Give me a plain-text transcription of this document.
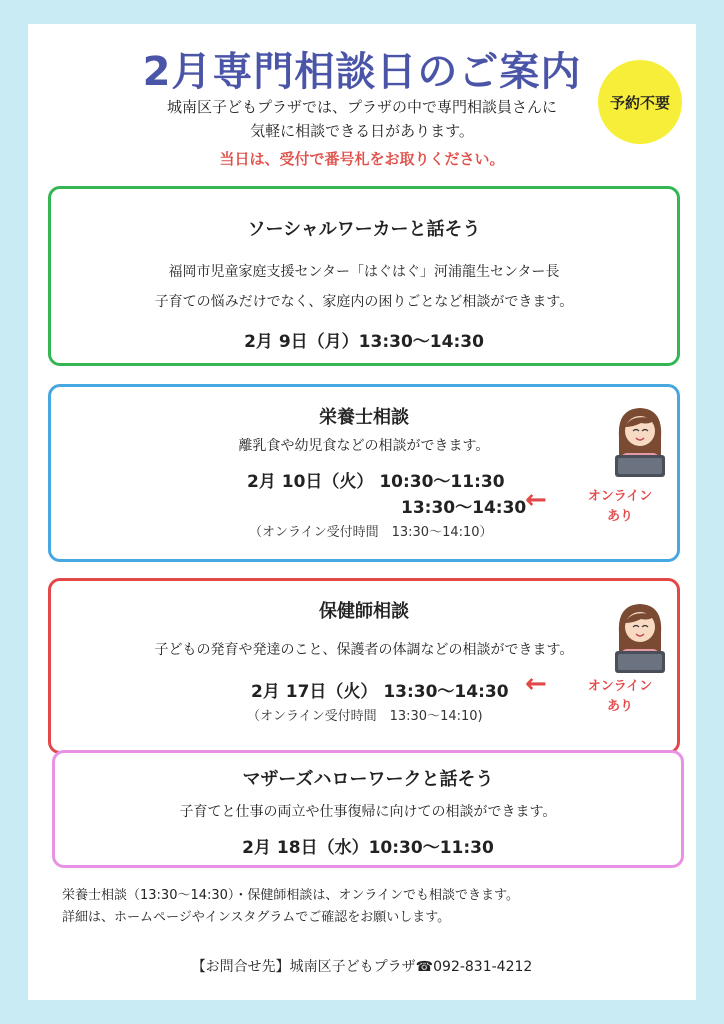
2月専門相談日のご案内
予約不要
城南区子どもプラザでは、プラザの中で専門相談員さんに
気軽に相談できる日があります。
当日は、受付で番号札をお取りください。
ソーシャルワーカーと話そう
福岡市児童家庭支援センター「はぐはぐ」河浦龍生センター長
子育ての悩みだけでなく、家庭内の困りごとなど相談ができます。
2月 9日（月）13:30〜14:30
栄養士相談
離乳食や幼児食などの相談ができます。
2月 10日（火） 10:30〜11:30
13:30〜14:30
（オンライン受付時間　13:30〜14:10）
←	オンライン
あり
保健師相談
子どもの発育や発達のこと、保護者の体調などの相談ができます。
2月 17日（火） 13:30〜14:30
（オンライン受付時間　13:30〜14:10)
←	オンライン
あり
マザーズハローワークと話そう
子育てと仕事の両立や仕事復帰に向けての相談ができます。
2月 18日（水）10:30〜11:30
栄養士相談（13:30〜14:30）・保健師相談は、オンラインでも相談できます。
詳細は、ホームページやインスタグラムでご確認をお願いします。
【お問合せ先】城南区子どもプラザ☎092-831-4212
